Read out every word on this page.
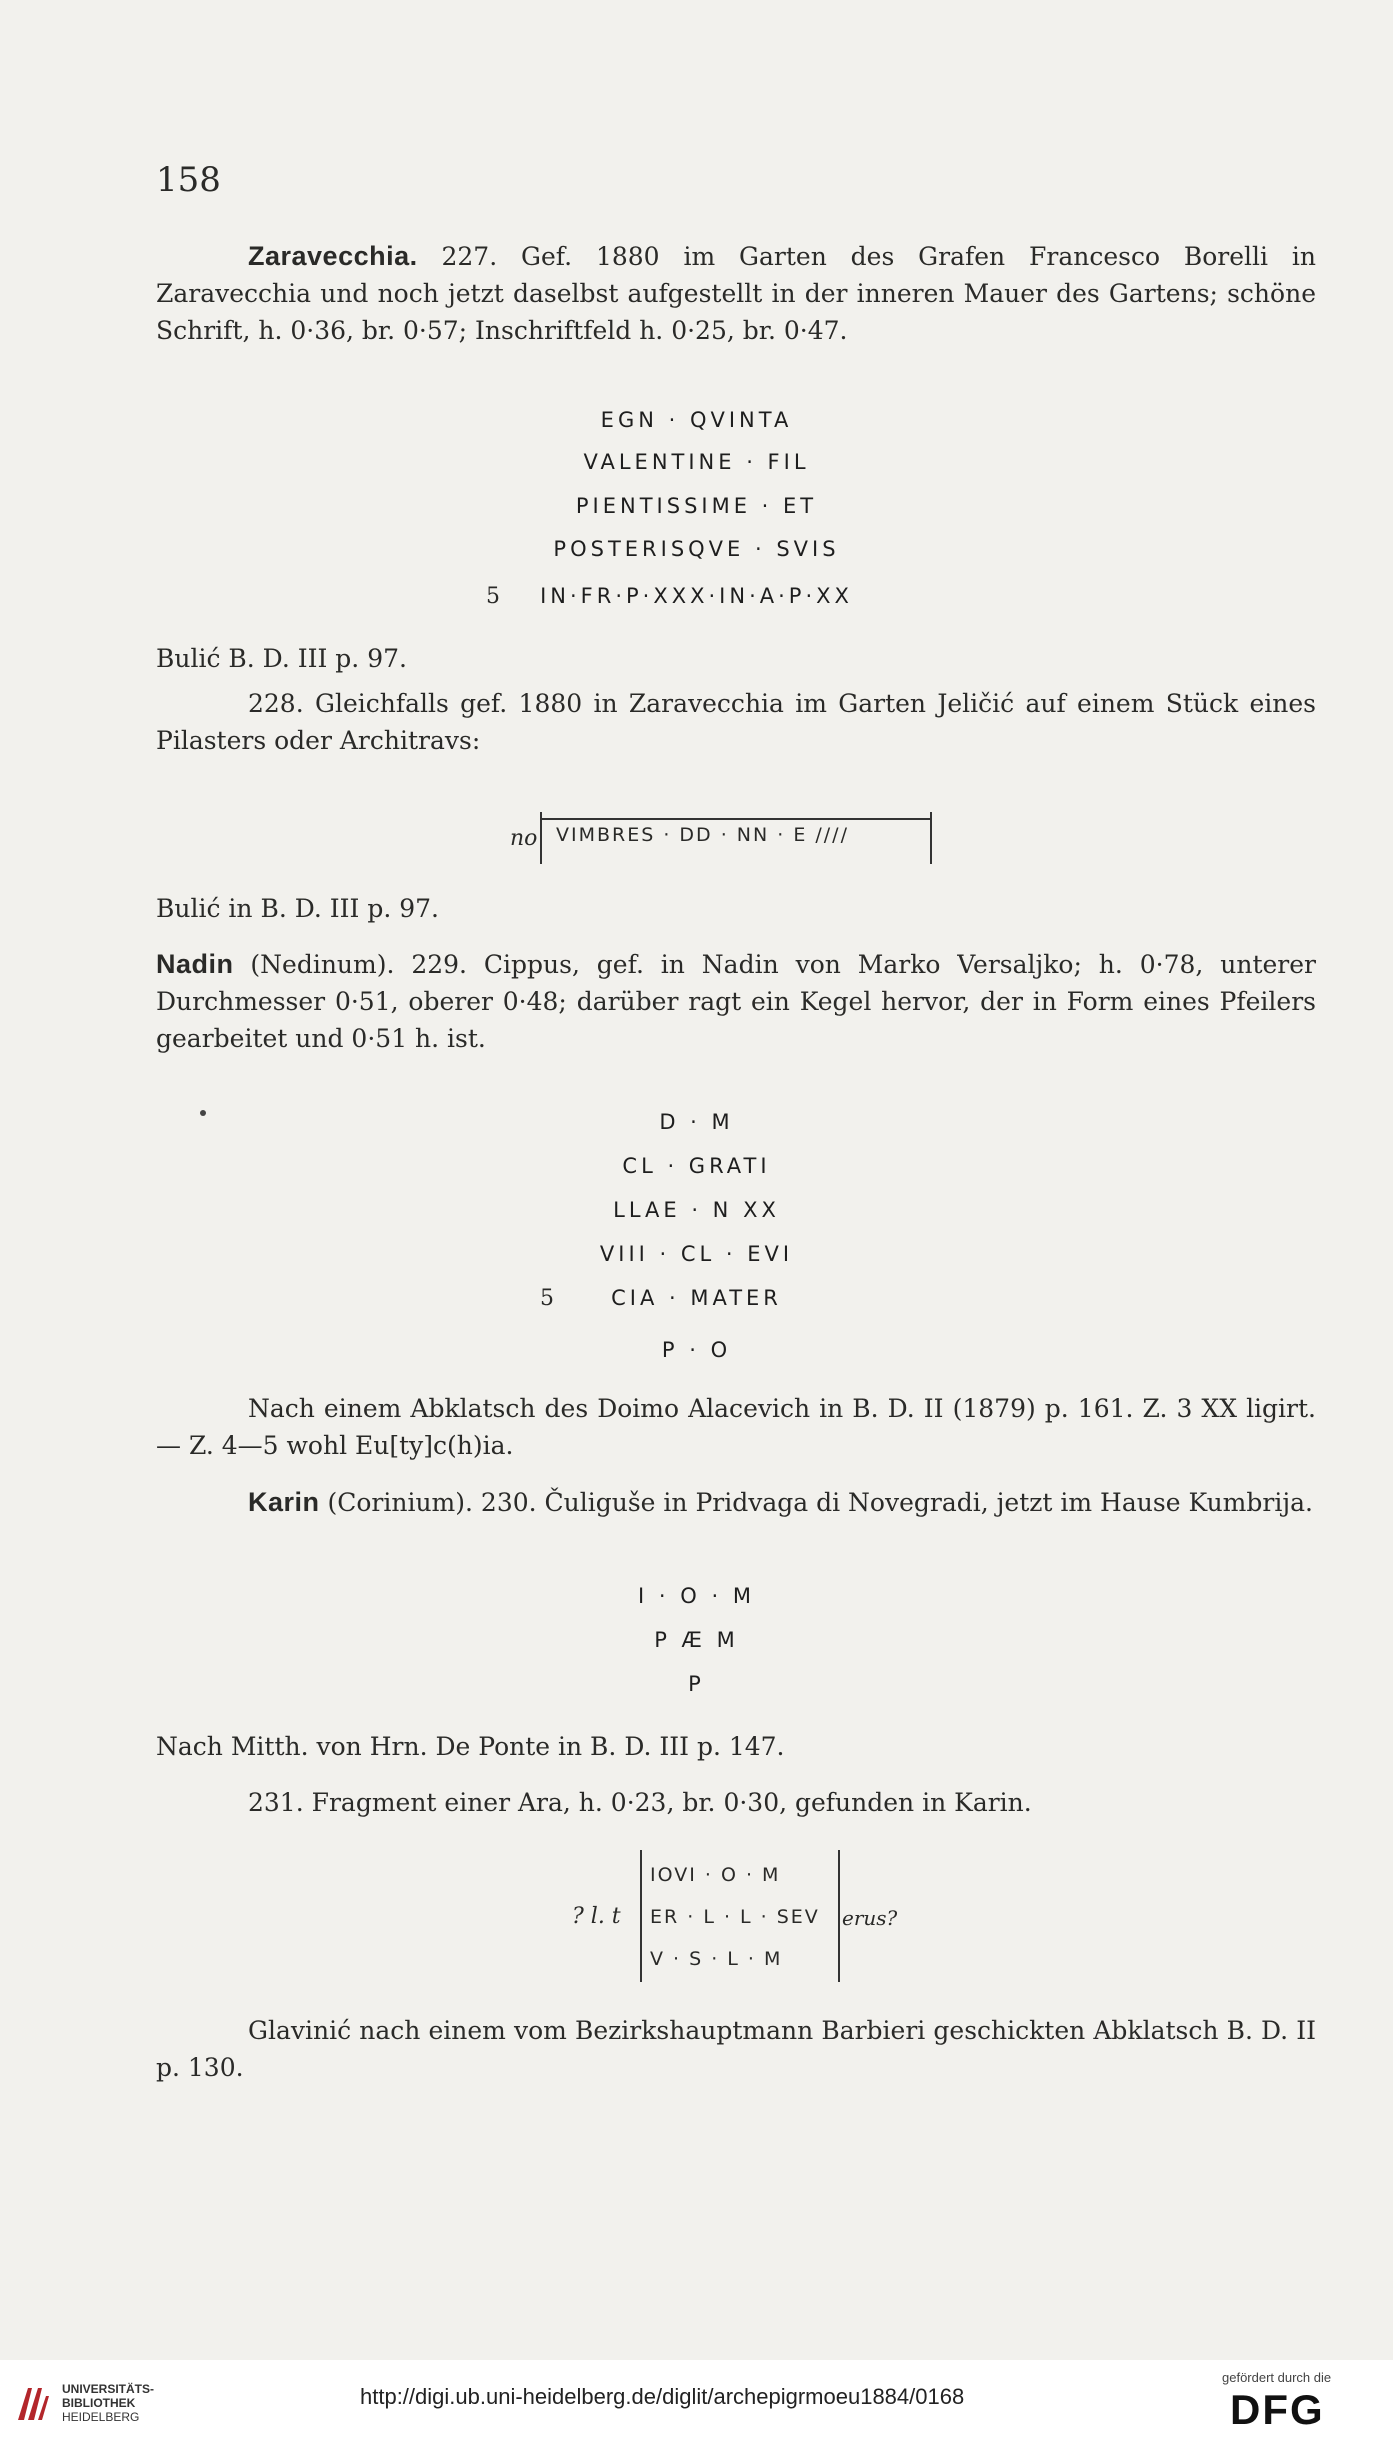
158
Zaravecchia. 227. Gef. 1880 im Garten des Grafen Francesco Borelli in Zaravecchia und noch jetzt daselbst aufgestellt in der inneren Mauer des Gartens; schöne Schrift, h. 0·36, br. 0·57; Inschriftfeld h. 0·25, br. 0·47.
EGN · QVINTA
VALENTINE · FIL
PIENTISSIME · ET
POSTERISQVE · SVIS
5	IN·FR·P·XXX·IN·A·P·XX
Bulić B. D. III p. 97.
228. Gleichfalls gef. 1880 in Zaravecchia im Garten Jeličić auf einem Stück eines Pilasters oder Architravs:
no VIMBRES · DD · NN · E ////
Bulić in B. D. III p. 97.
Nadin (Nedinum). 229. Cippus, gef. in Nadin von Marko Versaljko; h. 0·78, unterer Durchmesser 0·51, oberer 0·48; darüber ragt ein Kegel hervor, der in Form eines Pfeilers gearbeitet und 0·51 h. ist.
D · M
CL · GRATI
LLAE · N XX
VIII · CL · EVI
5	CIA · MATER
P · O
Nach einem Abklatsch des Doimo Alacevich in B. D. II (1879) p. 161. Z. 3 XX ligirt. — Z. 4—5 wohl Eu[ty]c(h)ia.
Karin (Corinium). 230. Čuliguše in Pridvaga di Novegradi, jetzt im Hause Kumbrija.
I · O · M
P Æ M
P
Nach Mitth. von Hrn. De Ponte in B. D. III p. 147.
231. Fragment einer Ara, h. 0·23, br. 0·30, gefunden in Karin.
IOVI · O · M
ER · L · L · SEV
V · S · L · M
? l. t	erus?
Glavinić nach einem vom Bezirkshauptmann Barbieri geschickten Abklatsch B. D. II p. 130.
UNIVERSITÄTS-
BIBLIOTHEK
HEIDELBERG
http://digi.ub.uni-heidelberg.de/diglit/archepigrmoeu1884/0168
gefördert durch die
DFG
